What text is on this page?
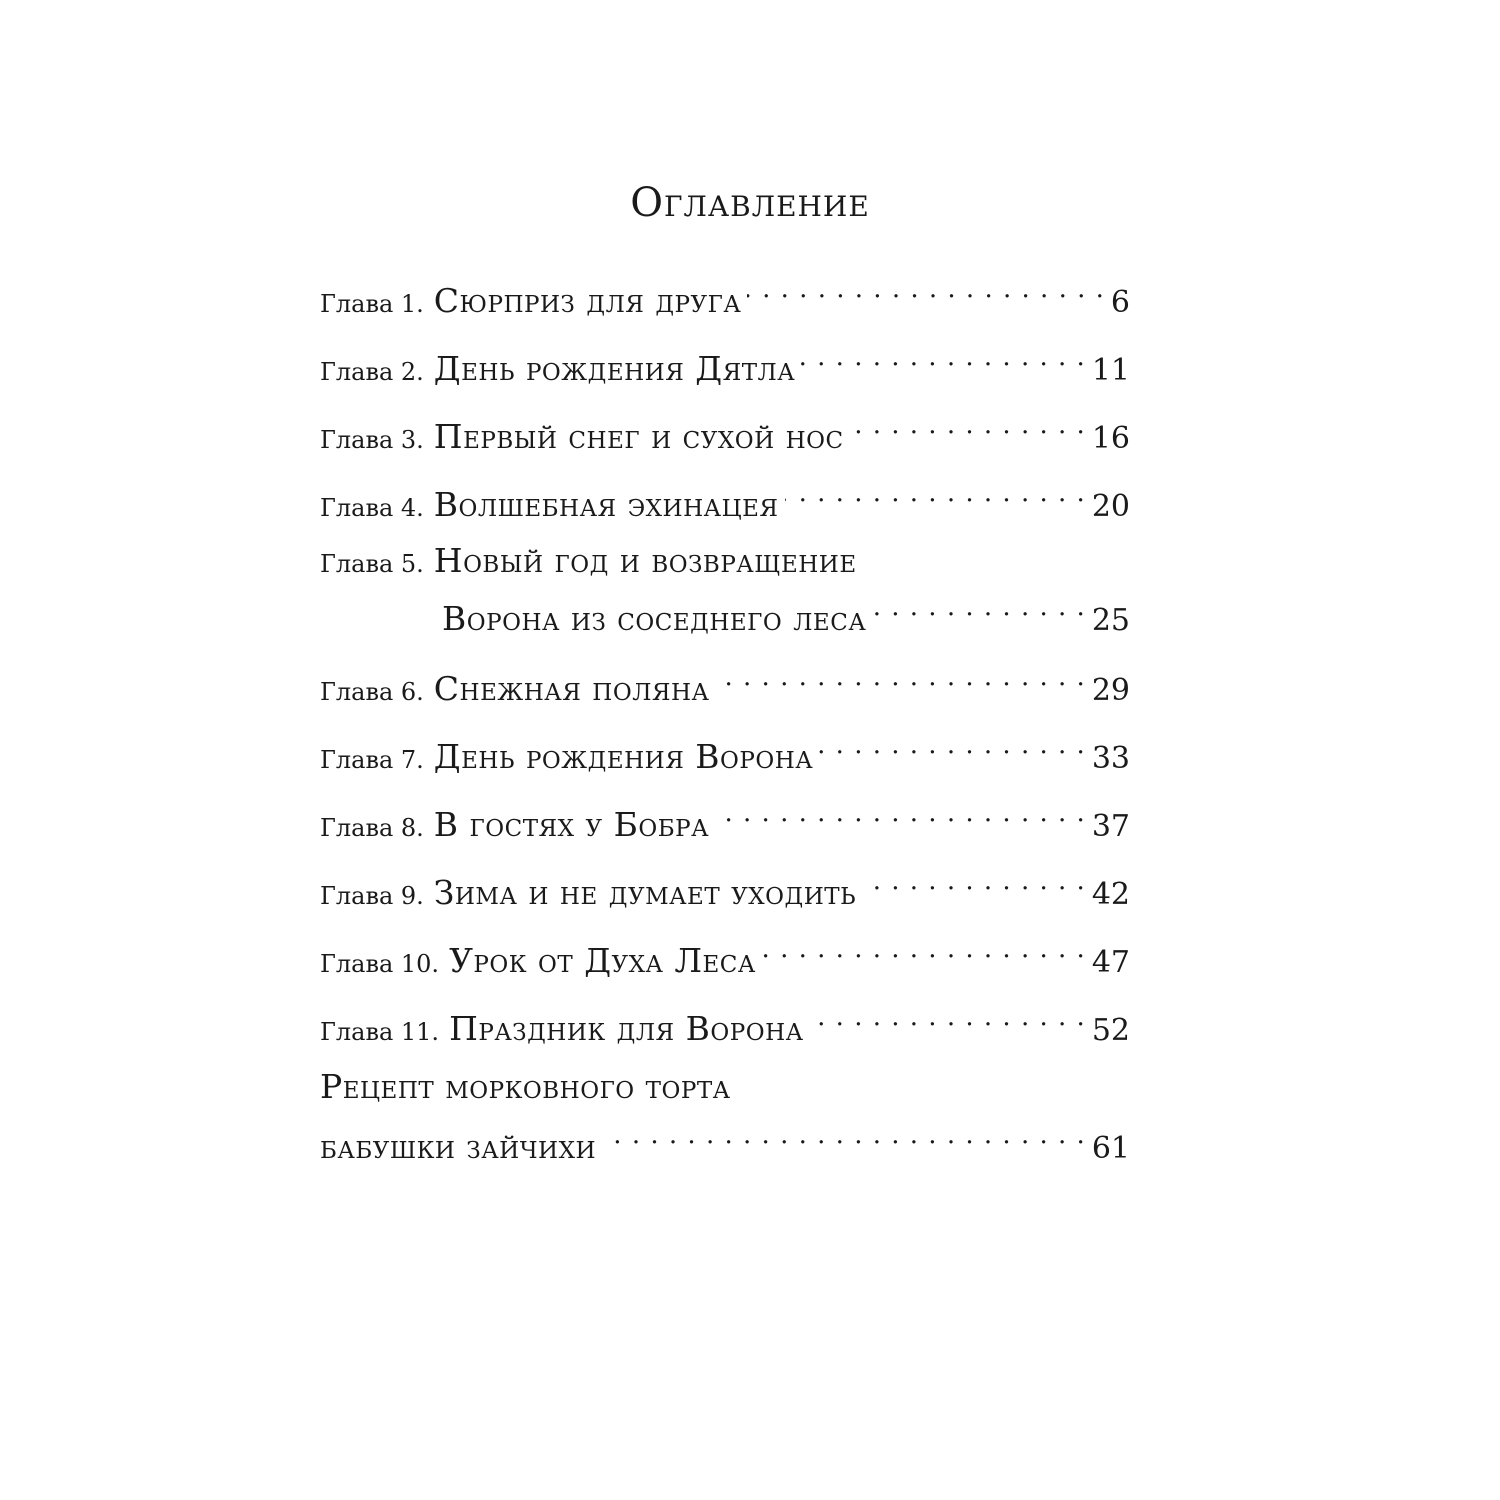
Оглавление
Глава 1. Сюрприз для друга . . .	6
Глава 2. День рождения Дятла . . .	11
Глава 3. Первый снег и сухой нос . . .	16
Глава 4. Волшебная эхинацея . . .	20
Глава 5. Новый год и возвращение
Ворона из соседнего леса . . .	25
Глава 6. Снежная поляна . . .	29
Глава 7. День рождения Ворона . . .	33
Глава 8. В гостях у Бобра . . .	37
Глава 9. Зима и не думает уходить . . .	42
Глава 10. Урок от Духа Леса . . .	47
Глава 11. Праздник для Ворона . . .	52
Рецепт морковного торта
бабушки зайчихи . . .	61
